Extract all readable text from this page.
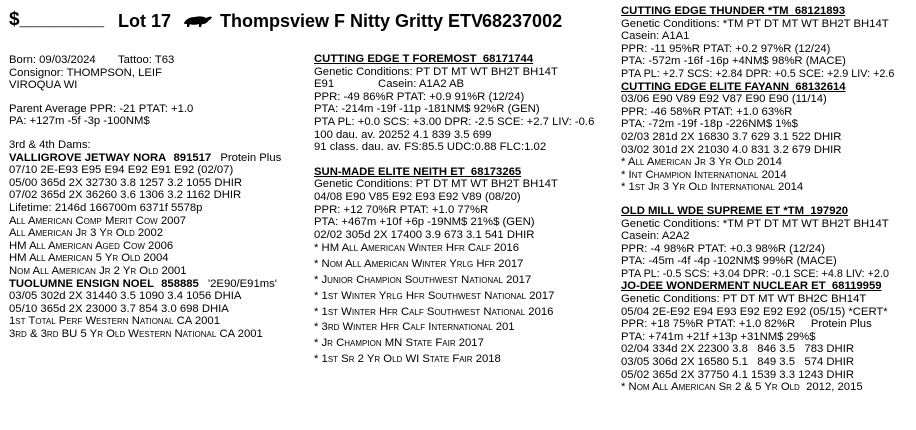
$________ Lot 17	Thompsview F Nitty Gritty ETV
68237002
Born: 09/03/2024 Tattoo: T63
Consignor: THOMPSON, LEIF
VIROQUA WI
Parent Average PPR: -21 PTAT: +1.0
PA: +127m -5f -3p -100NM$
3rd & 4th Dams:
VALLIGROVE JETWAY NORA 891517 Protein Plus
07/10 2E-E93 E95 E94 E92 E91 E92 (02/07)
05/00 365d 2X 32730 3.8 1257 3.2 1055 DHIR
07/02 365d 2X 36260 3.6 1306 3.2 1162 DHIR
Lifetime: 2146d 166700m 6371f 5578p
All American Comp Merit Cow 2007
All American Jr 3 Yr Old 2002
HM All American Aged Cow 2006
HM All American 5 Yr Old 2004
Nom All American Jr 2 Yr Old 2001
TUOLUMNE ENSIGN NOEL 858885 '2E90/E91ms'
03/05 302d 2X 31440 3.5 1090 3.4 1056 DHIA
05/10 365d 2X 23000 3.7 854 3.0 698 DHIA
1st Total Perf Western National CA 2001
3rd & 3rd BU 5 Yr Old Western National CA 2001
CUTTING EDGE T FOREMOST 68171744
Genetic Conditions: PT DT MT WT BH2T BH14T
E91              Casein: A1A2 AB
PPR: -49 86%R PTAT: +0.9 91%R (12/24)
PTA: -214m -19f -11p -181NM$ 92%R (GEN)
PTA PL: +0.0 SCS: +3.00 DPR: -2.5 SCE: +2.7 LIV: -0.6
100 dau. av. 20252 4.1 839 3.5 699
91 class. dau. av. FS:85.5 UDC:0.88 FLC:1.02
SUN-MADE ELITE NEITH ET 68173265
Genetic Conditions: PT DT MT WT BH2T BH14T
04/08 E90 V85 E92 E93 E92 V89 (08/20)
PPR: +12 70%R PTAT: +1.0 77%R
PTA: +467m +10f +6p -19NM$ 21%$ (GEN)
02/02 305d 2X 17400 3.9 673 3.1 541 DHIR
* HM All American Winter Hfr Calf 2016
* Nom All American Winter Yrlg Hfr 2017
* Junior Champion Southwest National 2017
* 1st Winter Yrlg Hfr Southwest National 2017
* 1st Winter Hfr Calf Southwest National 2016
* 3rd Winter Hfr Calf International 201
* Jr Champion MN State Fair 2017
* 1st Sr 2 Yr Old WI State Fair 2018
CUTTING EDGE THUNDER *TM 68121893
Genetic Conditions: *TM PT DT MT WT BH2T BH14T
Casein: A1A1
PPR: -11 95%R PTAT: +0.2 97%R (12/24)
PTA: -572m -16f -16p +4NM$ 98%R (MACE)
PTA PL: +2.7 SCS: +2.84 DPR: +0.5 SCE: +2.9 LIV: +2.6
CUTTING EDGE ELITE FAYANN 68132614
03/06 E90 V89 E92 V87 E90 E90 (11/14)
PPR: -46 58%R PTAT: +1.0 63%R
PTA: -72m -19f -18p -226NM$ 1%$
02/03 281d 2X 16830 3.7 629 3.1 522 DHIR
03/02 301d 2X 21030 4.0 831 3.2 679 DHIR
* All American Jr 3 Yr Old 2014
* Int Champion International 2014
* 1st Jr 3 Yr Old International 2014
OLD MILL WDE SUPREME ET *TM 197920
Genetic Conditions: *TM PT DT MT WT BH2T BH14T
Casein: A2A2
PPR: -4 98%R PTAT: +0.3 98%R (12/24)
PTA: -45m -4f -4p -102NM$ 99%R (MACE)
PTA PL: -0.5 SCS: +3.04 DPR: -0.1 SCE: +4.8 LIV: +2.0
JO-DEE WONDERMENT NUCLEAR ET 68119959
Genetic Conditions: PT DT MT WT BH2C BH14T
05/04 2E-E92 E94 E93 E92 E92 E92 (05/15) *CERT*
PPR: +18 75%R PTAT: +1.0 82%R     Protein Plus
PTA: +741m +21f +13p +31NM$ 29%$
02/04 334d 2X 22300 3.8   846 3.5   783 DHIR
03/05 306d 2X 16580 5.1   849 3.5   574 DHIR
05/02 365d 2X 37750 4.1 1539 3.3 1243 DHIR
* Nom All American Sr 2 & 5 Yr Old  2012, 2015
